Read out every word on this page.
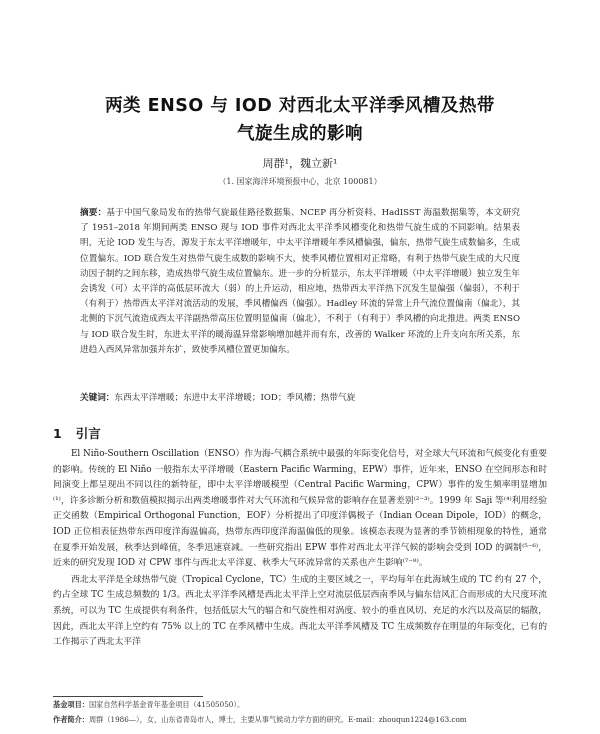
两类 ENSO 与 IOD 对西北太平洋季风槽及热带
气旋生成的影响
周群¹，魏立新¹
（1. 国家海洋环境预报中心，北京 100081）
摘要：基于中国气象局发布的热带气旋最佳路径数据集、NCEP 再分析资料、HadISST 海温数据集等，本文研究了 1951–2018 年期间两类 ENSO 现与 IOD 事件对西北太平洋季风槽变化和热带气旋生成的不同影响。结果表明，无论 IOD 发生与否，源发于东太平洋增暖年，中太平洋增暖年季风槽偏强，偏东，热带气旋生成数偏多，生成位置偏东。IOD 联合发生对热带气旋生成数的影响不大，使季风槽位置相对正常略，有利于热带气旋生成的大尺度动因子制约之间东移，造成热带气旋生成位置偏东。进一步的分析显示，东太平洋增暖（中太平洋增暖）独立发生年会诱发（可）太平洋的高低层环流大（弱）的上升运动，相应地，热带西太平洋热下沉发生显偏强（偏弱），不利于（有利于）热带西太平洋对流活动的发展，季风槽偏西（偏强）。Hadley 环流的异常上升气流位置偏南（偏北），其北侧的下沉气流造成西太平洋副热带高压位置明显偏南（偏北），不利于（有利于）季风槽的向北推进。两类 ENSO 与 IOD 联合发生时，东进太平洋的暖海温异常影响增加越并而有东，改善的 Walker 环流的上升支向东所关系，东进趋入西风异常加强并东扩，致使季风槽位置更加偏东。
关键词：东西太平洋增暖；东进中太平洋增暖；IOD；季风槽；热带气旋
1 引言

El Niño-Southern Oscillation（ENSO）作为海-气耦合系统中最强的年际变化信号，对全球大气环流和气候变化有重要的影响。传统的 El Niño 一般指东太平洋增暖（Eastern Pacific Warming，EPW）事件，近年来，ENSO 在空间形态和时间演变上都呈现出不同以往的新特征，即中太平洋增暖模型（Central Pacific Warming，CPW）事件的发生频率明显增加⁽¹⁾，许多诊断分析和数值模拟揭示出两类增暖事件对大气环流和气候异常的影响存在显著差别⁽²⁻³⁾。1999 年 Saji 等⁽⁴⁾利用经验正交函数（Empirical Orthogonal Function，EOF）分析提出了印度洋偶极子（Indian Ocean Dipole，IOD）的概念，IOD 正位相表征热带东西印度洋海温偏高，热带东西印度洋海温偏低的现象。该模态表现为显著的季节锁相现象的特性，通常在夏季开始发展，秋季达到峰值，冬季迅速衰减。一些研究指出 EPW 事件对西北太平洋气候的影响会受到 IOD 的调制⁽⁵⁻⁶⁾，近来的研究发现 IOD 对 CPW 事件与西北太平洋夏、秋季大气环流异常的关系也产生影响⁽⁷⁻⁸⁾。

西北太平洋是全球热带气旋（Tropical Cyclone，TC）生成的主要区域之一，平均每年在此海域生成的 TC 约有 27 个，约占全球 TC 生成总频数的 1/3。西北太平洋季风槽是西北太平洋上空对流层低层西南季风与偏东信风汇合而形成的大尺度环流系统，可以为 TC 生成提供有利条件，包括低层大气的辐合和气旋性相对涡度、较小的垂直风切、充足的水汽以及高层的辐散，因此，西北太平洋上空约有 75% 以上的 TC 在季风槽中生成。西北太平洋季风槽及 TC 生成频数存在明显的年际变化，已有的工作揭示了西北太平洋

基金项目：国家自然科学基金青年基金项目（41505050）。
作者简介：周群（1986—），女，山东省青岛市人，博士，主要从事气候动力学方面的研究。E-mail：zhouqun1224@163.com
